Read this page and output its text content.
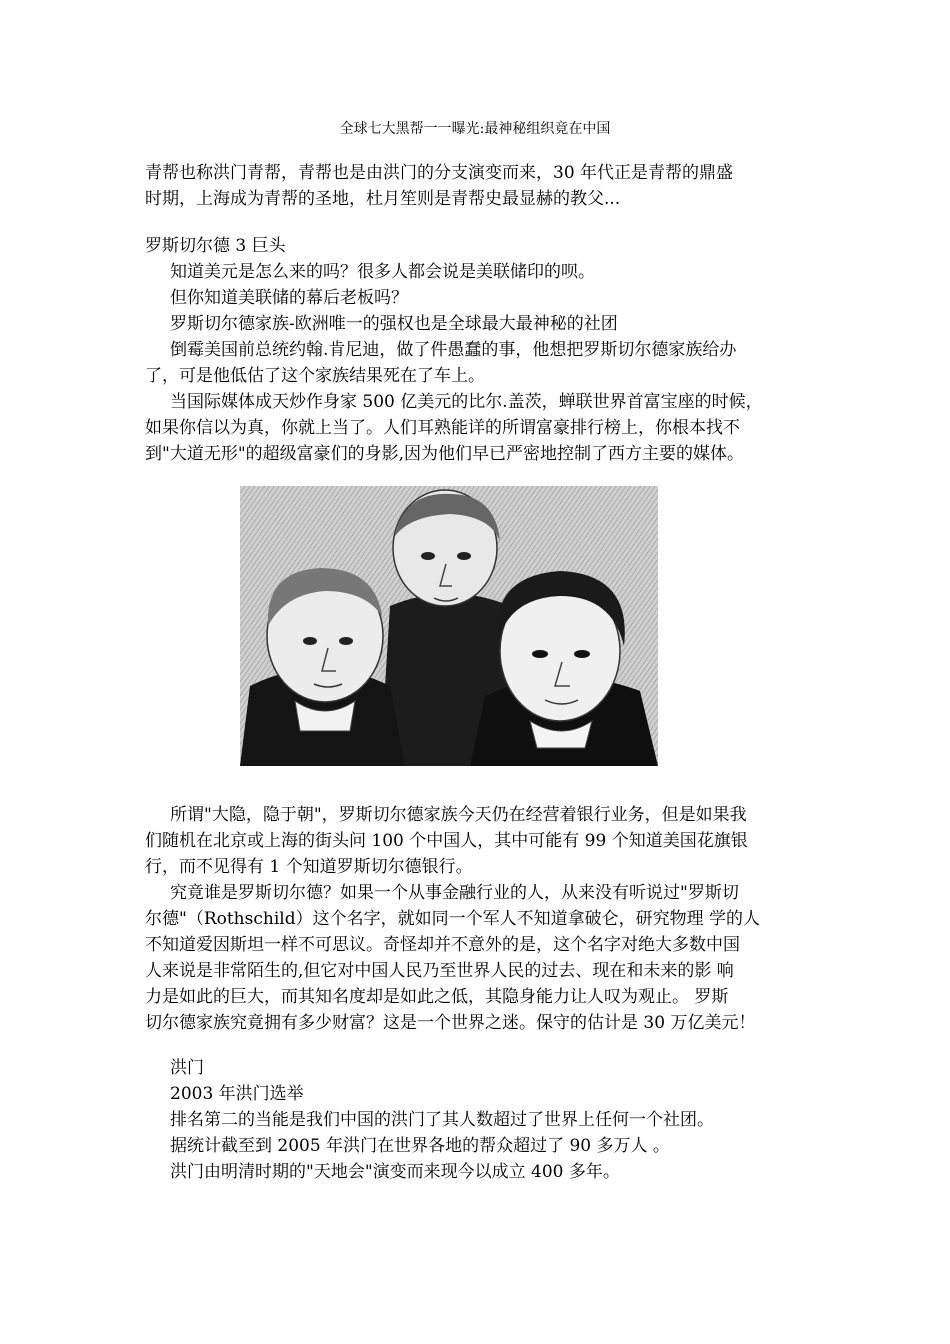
全球七大黑帮一一曝光:最神秘组织竟在中国
青帮也称洪门青帮，青帮也是由洪门的分支演变而来，30 年代正是青帮的鼎盛
时期，上海成为青帮的圣地，杜月笙则是青帮史最显赫的教父...
罗斯切尔德 3 巨头
知道美元是怎么来的吗？很多人都会说是美联储印的呗。
但你知道美联储的幕后老板吗？
罗斯切尔德家族-欧洲唯一的强权也是全球最大最神秘的社团
倒霉美国前总统约翰.肯尼迪，做了件愚蠢的事，他想把罗斯切尔德家族给办
了，可是他低估了这个家族结果死在了车上。
当国际媒体成天炒作身家 500 亿美元的比尔.盖茨，蝉联世界首富宝座的时候，
如果你信以为真，你就上当了。人们耳熟能详的所谓富豪排行榜上，你根本找不
到"大道无形"的超级富豪们的身影,因为他们早已严密地控制了西方主要的媒体。
所谓"大隐，隐于朝"，罗斯切尔德家族今天仍在经营着银行业务，但是如果我
们随机在北京或上海的街头问 100 个中国人，其中可能有 99 个知道美国花旗银
行，而不见得有 1 个知道罗斯切尔德银行。
究竟谁是罗斯切尔德？如果一个从事金融行业的人，从来没有听说过"罗斯切
尔德"（Rothschild）这个名字，就如同一个军人不知道拿破仑，研究物理 学的人
不知道爱因斯坦一样不可思议。奇怪却并不意外的是，这个名字对绝大多数中国
人来说是非常陌生的,但它对中国人民乃至世界人民的过去、现在和未来的影 响
力是如此的巨大，而其知名度却是如此之低，其隐身能力让人叹为观止。 罗斯
切尔德家族究竟拥有多少财富？这是一个世界之迷。保守的估计是 30 万亿美元！
洪门
2003 年洪门选举
排名第二的当能是我们中国的洪门了其人数超过了世界上任何一个社团。
据统计截至到 2005 年洪门在世界各地的帮众超过了 90 多万人 。
洪门由明清时期的"天地会"演变而来现今以成立 400 多年。
